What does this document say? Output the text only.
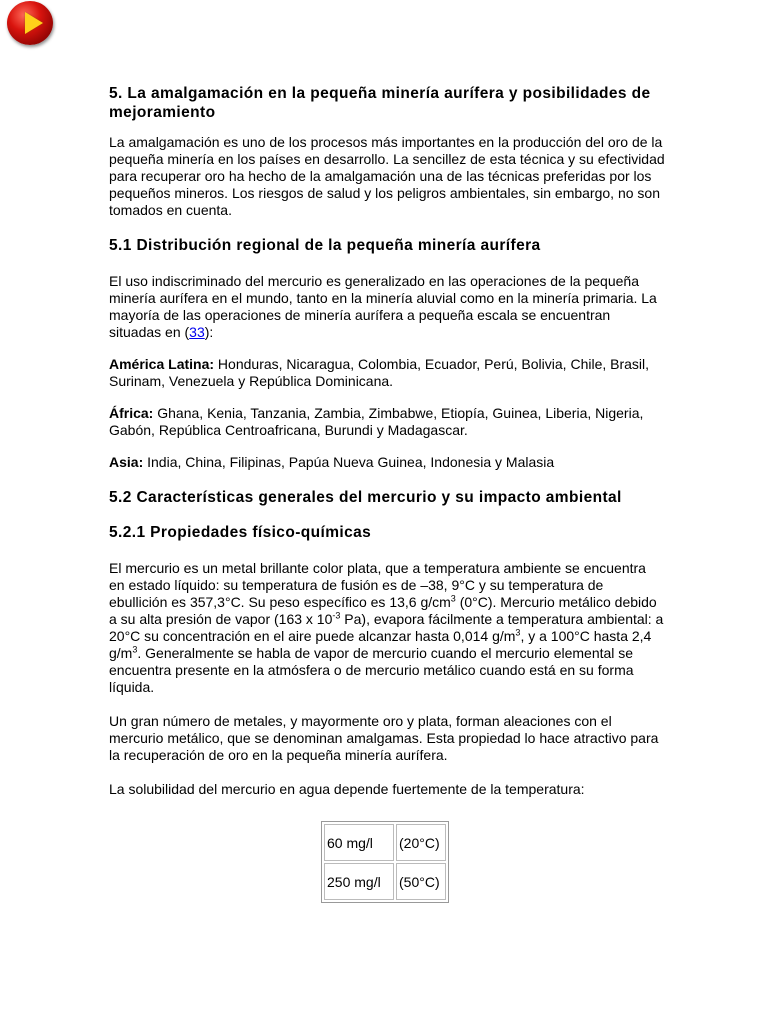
5. La amalgamación en la pequeña minería aurífera y posibilidades de mejoramiento

La amalgamación es uno de los procesos más importantes en la producción del oro de la pequeña minería en los países en desarrollo. La sencillez de esta técnica y su efectividad para recuperar oro ha hecho de la amalgamación una de las técnicas preferidas por los pequeños mineros. Los riesgos de salud y los peligros ambientales, sin embargo, no son tomados en cuenta.

5.1 Distribución regional de la pequeña minería aurífera

El uso indiscriminado del mercurio es generalizado en las operaciones de la pequeña minería aurífera en el mundo, tanto en la minería aluvial como en la minería primaria. La mayoría de las operaciones de minería aurífera a pequeña escala se encuentran situadas en (33):

América Latina: Honduras, Nicaragua, Colombia, Ecuador, Perú, Bolivia, Chile, Brasil, Surinam, Venezuela y República Dominicana.

África: Ghana, Kenia, Tanzania, Zambia, Zimbabwe, Etiopía, Guinea, Liberia, Nigeria, Gabón, República Centroafricana, Burundi y Madagascar.

Asia: India, China, Filipinas, Papúa Nueva Guinea, Indonesia y Malasia

5.2 Características generales del mercurio y su impacto ambiental
5.2.1 Propiedades físico-químicas

El mercurio es un metal brillante color plata, que a temperatura ambiente se encuentra en estado líquido: su temperatura de fusión es de –38, 9°C y su temperatura de ebullición es 357,3°C. Su peso específico es 13,6 $g/cm^3$ (0°C). Mercurio metálico debido a su alta presión de vapor (163 x $10^{-3}$ Pa), evapora fácilmente a temperatura ambiental: a 20°C su concentración en el aire puede alcanzar hasta 0,014 $g/m^3$, y a 100°C hasta 2,4 $g/m^3$. Generalmente se habla de vapor de mercurio cuando el mercurio elemental se encuentra presente en la atmósfera o de mercurio metálico cuando está en su forma líquida.

Un gran número de metales, y mayormente oro y plata, forman aleaciones con el mercurio metálico, que se denominan amalgamas. Esta propiedad lo hace atractivo para la recuperación de oro en la pequeña minería aurífera.

La solubilidad del mercurio en agua depende fuertemente de la temperatura:

60 mg/l	(20°C)
250 mg/l	(50°C)
